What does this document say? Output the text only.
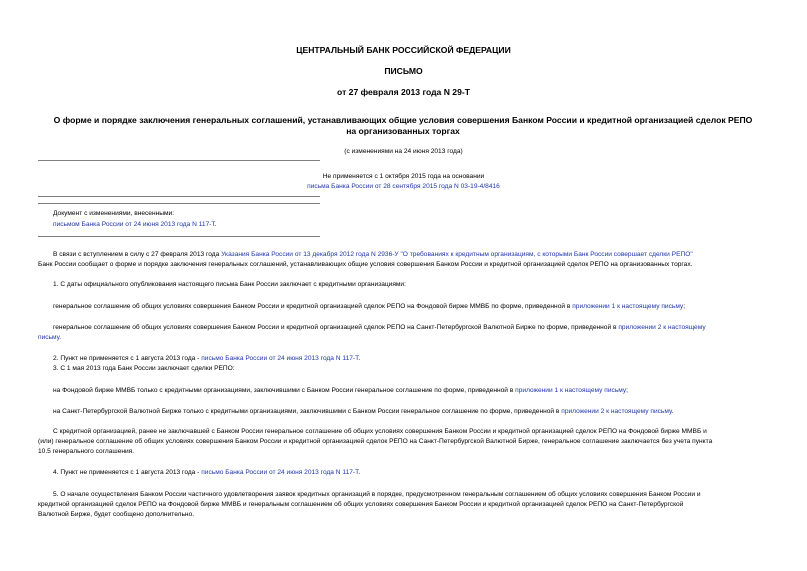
ЦЕНТРАЛЬНЫЙ БАНК РОССИЙСКОЙ ФЕДЕРАЦИИ
ПИСЬМО
от 27 февраля 2013 года N 29-Т
О форме и порядке заключения генеральных соглашений, устанавливающих общие условия совершения Банком России и кредитной организацией сделок РЕПО
на организованных торгах
(с изменениями на 24 июня 2013 года)
Не применяется с 1 октября 2015 года на основании
письма Банка России от 28 сентября 2015 года N 03-19-4/8416
Документ с изменениями, внесенными:
письмом Банка России от 24 июня 2013 года N 117-Т.
В связи с вступлением в силу с 27 февраля 2013 года Указания Банка России от 13 декабря 2012 года N 2936-У "О требованиях к кредитным организациям, с которыми Банк России совершает сделки РЕПО"
Банк России сообщает о форме и порядке заключения генеральных соглашений, устанавливающих общие условия совершения Банком России и кредитной организацией сделок РЕПО на организованных торгах.
1. С даты официального опубликования настоящего письма Банк России заключает с кредитными организациями:
генеральное соглашение об общих условиях совершения Банком России и кредитной организацией сделок РЕПО на Фондовой бирже ММВБ по форме, приведенной в приложении 1 к настоящему письму;
генеральное соглашение об общих условиях совершения Банком России и кредитной организацией сделок РЕПО на Санкт-Петербургской Валютной Бирже по форме, приведенной в приложении 2 к настоящему
письму.
2. Пункт не применяется с 1 августа 2013 года - письмо Банка России от 24 июня 2013 года N 117-Т.
3. С 1 мая 2013 года Банк России заключает сделки РЕПО:
на Фондовой бирже ММВБ только с кредитными организациями, заключившими с Банком России генеральное соглашение по форме, приведенной в приложении 1 к настоящему письму;
на Санкт-Петербургской Валютной Бирже только с кредитными организациями, заключившими с Банком России генеральное соглашение по форме, приведенной в приложении 2 к настоящему письму.
С кредитной организацией, ранее не заключавшей с Банком России генеральное соглашение об общих условиях совершения Банком России и кредитной организацией сделок РЕПО на Фондовой бирже ММВБ и
(или) генеральное соглашение об общих условиях совершения Банком России и кредитной организацией сделок РЕПО на Санкт-Петербургской Валютной Бирже, генеральное соглашение заключается без учета пункта
10.5 генерального соглашения.
4. Пункт не применяется с 1 августа 2013 года - письмо Банка России от 24 июня 2013 года N 117-Т.
5. О начале осуществления Банком России частичного удовлетворения заявок кредитных организаций в порядке, предусмотренном генеральным соглашением об общих условиях совершения Банком России и
кредитной организацией сделок РЕПО на Фондовой бирже ММВБ и генеральным соглашением об общих условиях совершения Банком России и кредитной организацией сделок РЕПО на Санкт-Петербургской
Валютной Бирже, будет сообщено дополнительно.
